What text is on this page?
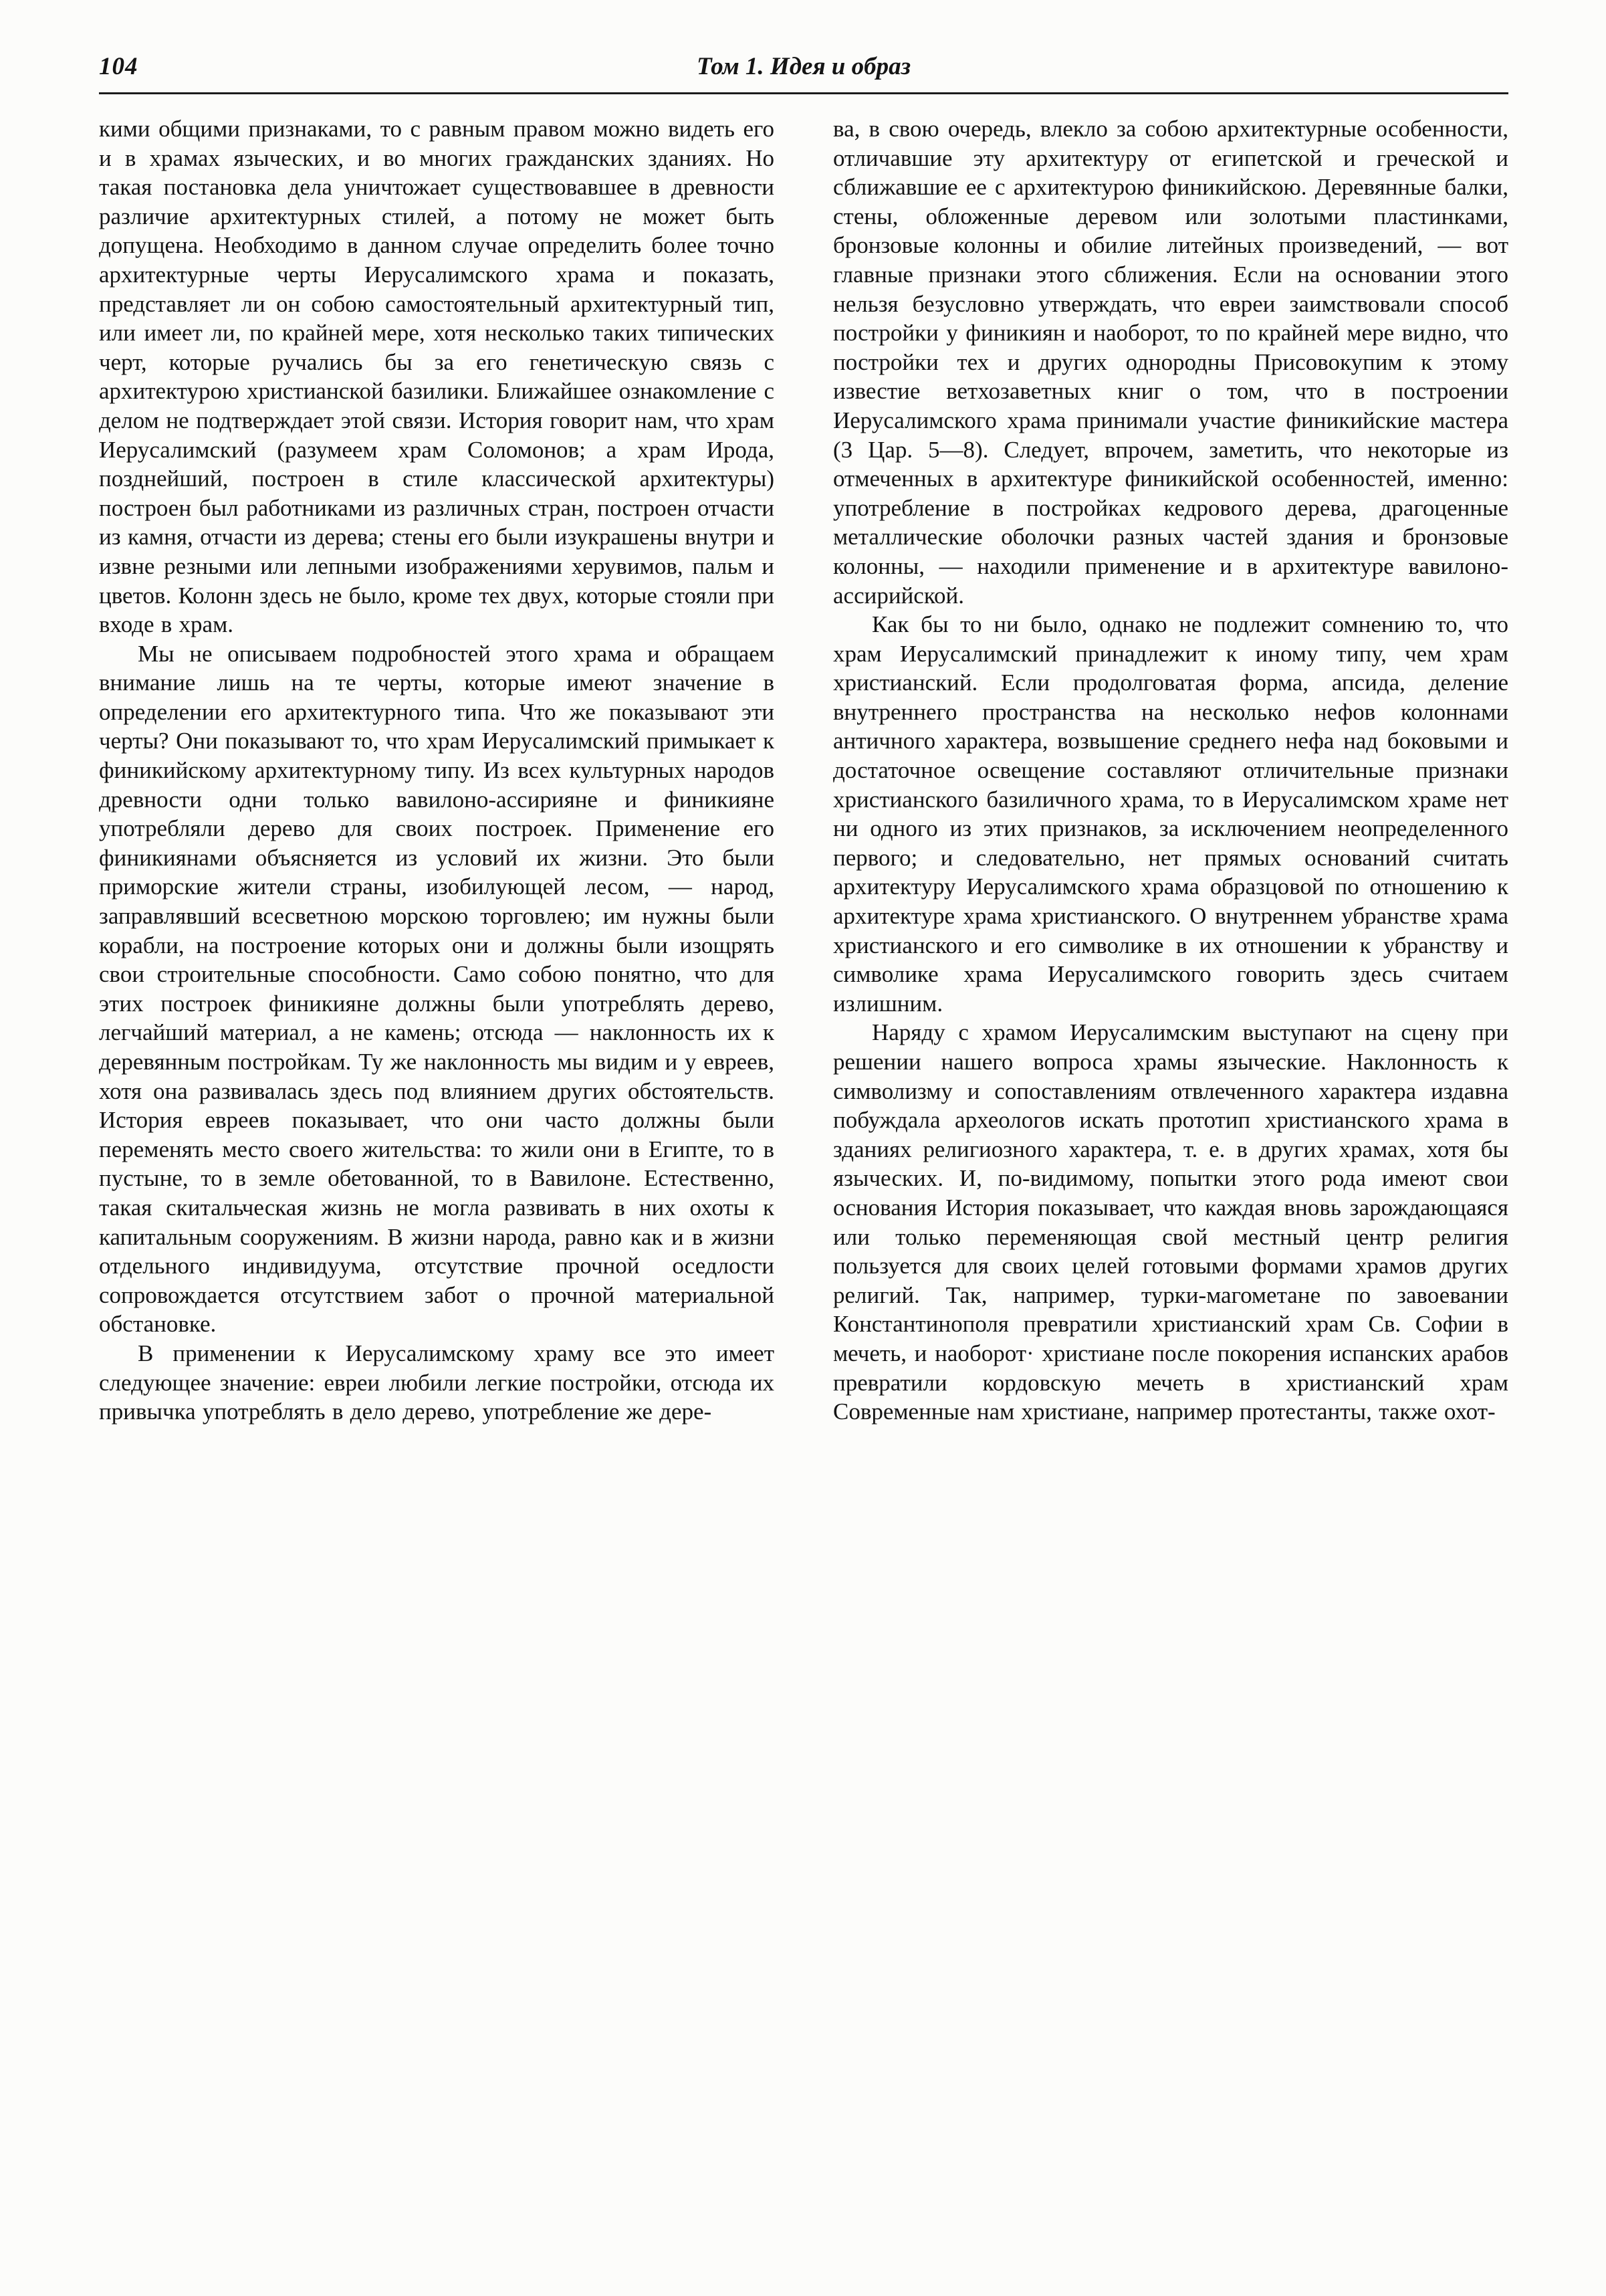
104	Том 1. Идея и образ

кими общими признаками, то с равным правом можно видеть его и в храмах языческих, и во многих гражданских зданиях. Но такая постановка дела уничтожает существовавшее в древности различие архитектурных стилей, а потому не может быть допущена. Необходимо в данном случае определить более точно архитектурные черты Иерусалимского храма и показать, представляет ли он собою самостоятельный архитектурный тип, или имеет ли, по крайней мере, хотя несколько таких типических черт, которые ручались бы за его генетическую связь с архитектурою христианской базилики. Ближайшее ознакомление с делом не подтверждает этой связи. История говорит нам, что храм Иерусалимский (разумеем храм Соломонов; а храм Ирода, позднейший, построен в стиле классической архитектуры) построен был работниками из различных стран, построен отчасти из камня, отчасти из дерева; стены его были изукрашены внутри и извне резными или лепными изображениями херувимов, пальм и цветов. Колонн здесь не было, кроме тех двух, которые стояли при входе в храм.

Мы не описываем подробностей этого храма и обращаем внимание лишь на те черты, которые имеют значение в определении его архитектурного типа. Что же показывают эти черты? Они показывают то, что храм Иерусалимский примыкает к финикийскому архитектурному типу. Из всех культурных народов древности одни только вавилоно-ассирияне и финикияне употребляли дерево для своих построек. Применение его финикиянами объясняется из условий их жизни. Это были приморские жители страны, изобилующей лесом, — народ, заправлявший всесветною морскою торговлею; им нужны были корабли, на построение которых они и должны были изощрять свои строительные способности. Само собою понятно, что для этих построек финикияне должны были употреблять дерево, легчайший материал, а не камень; отсюда — наклонность их к деревянным постройкам. Ту же наклонность мы видим и у евреев, хотя она развивалась здесь под влиянием других обстоятельств. История евреев показывает, что они часто должны были переменять место своего жительства: то жили они в Египте, то в пустыне, то в земле обетованной, то в Вавилоне. Естественно, такая скитальческая жизнь не могла развивать в них охоты к капитальным сооружениям. В жизни народа, равно как и в жизни отдельного индивидуума, отсутствие прочной оседлости сопровождается отсутствием забот о прочной материальной обстановке.

В применении к Иерусалимскому храму все это имеет следующее значение: евреи любили легкие постройки, отсюда их привычка употреблять в дело дерево, употребление же дере-

ва, в свою очередь, влекло за собою архитектурные особенности, отличавшие эту архитектуру от египетской и греческой и сближавшие ее с архитектурою финикийскою. Деревянные балки, стены, обложенные деревом или золотыми пластинками, бронзовые колонны и обилие литейных произведений, — вот главные признаки этого сближения. Если на основании этого нельзя безусловно утверждать, что евреи заимствовали способ постройки у финикиян и наоборот, то по крайней мере видно, что постройки тех и других однородны Присовокупим к этому известие ветхозаветных книг о том, что в построении Иерусалимского храма принимали участие финикийские мастера (3 Цар. 5—8). Следует, впрочем, заметить, что некоторые из отмеченных в архитектуре финикийской особенностей, именно: употребление в постройках кедрового дерева, драгоценные металлические оболочки разных частей здания и бронзовые колонны, — находили применение и в архитектуре вавилоно-ассирийской.

Как бы то ни было, однако не подлежит сомнению то, что храм Иерусалимский принадлежит к иному типу, чем храм христианский. Если продолговатая форма, апсида, деление внутреннего пространства на несколько нефов колоннами античного характера, возвышение среднего нефа над боковыми и достаточное освещение составляют отличительные признаки христианского базиличного храма, то в Иерусалимском храме нет ни одного из этих признаков, за исключением неопределенного первого; и следовательно, нет прямых оснований считать архитектуру Иерусалимского храма образцовой по отношению к архитектуре храма христианского. О внутреннем убранстве храма христианского и его символике в их отношении к убранству и символике храма Иерусалимского говорить здесь считаем излишним.

Наряду с храмом Иерусалимским выступают на сцену при решении нашего вопроса храмы языческие. Наклонность к символизму и сопоставлениям отвлеченного характера издавна побуждала археологов искать прототип христианского храма в зданиях религиозного характера, т. е. в других храмах, хотя бы языческих. И, по-видимому, попытки этого рода имеют свои основания История показывает, что каждая вновь зарождающаяся или только переменяющая свой местный центр религия пользуется для своих целей готовыми формами храмов других религий. Так, например, турки-магометане по завоевании Константинополя превратили христианский храм Св. Софии в мечеть, и наоборот· христиане после покорения испанских арабов превратили кордовскую мечеть в христианский храм Современные нам христиане, например протестанты, также охот-
